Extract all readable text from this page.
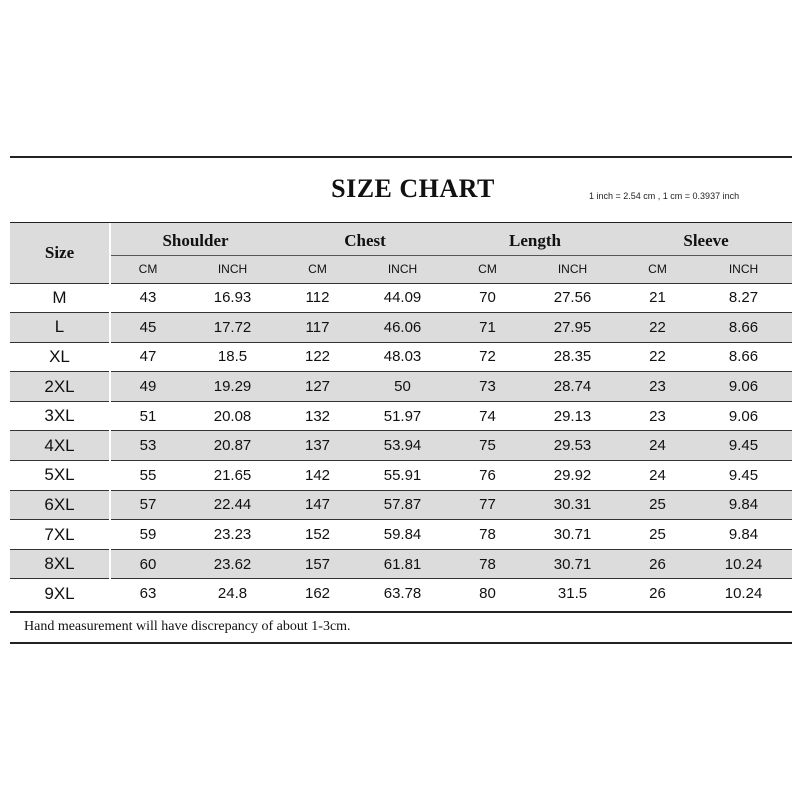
SIZE CHART	1 inch = 2.54 cm , 1 cm = 0.3937 inch
Size	Shoulder		Chest		Length		Sleeve	
	CM	INCH	CM	INCH	CM	INCH	CM	INCH
M	43	16.93	112	44.09	70	27.56	21	8.27
L	45	17.72	117	46.06	71	27.95	22	8.66
XL	47	18.5	122	48.03	72	28.35	22	8.66
2XL	49	19.29	127	50	73	28.74	23	9.06
3XL	51	20.08	132	51.97	74	29.13	23	9.06
4XL	53	20.87	137	53.94	75	29.53	24	9.45
5XL	55	21.65	142	55.91	76	29.92	24	9.45
6XL	57	22.44	147	57.87	77	30.31	25	9.84
7XL	59	23.23	152	59.84	78	30.71	25	9.84
8XL	60	23.62	157	61.81	78	30.71	26	10.24
9XL	63	24.8	162	63.78	80	31.5	26	10.24
Hand measurement will have discrepancy of about 1-3cm.
